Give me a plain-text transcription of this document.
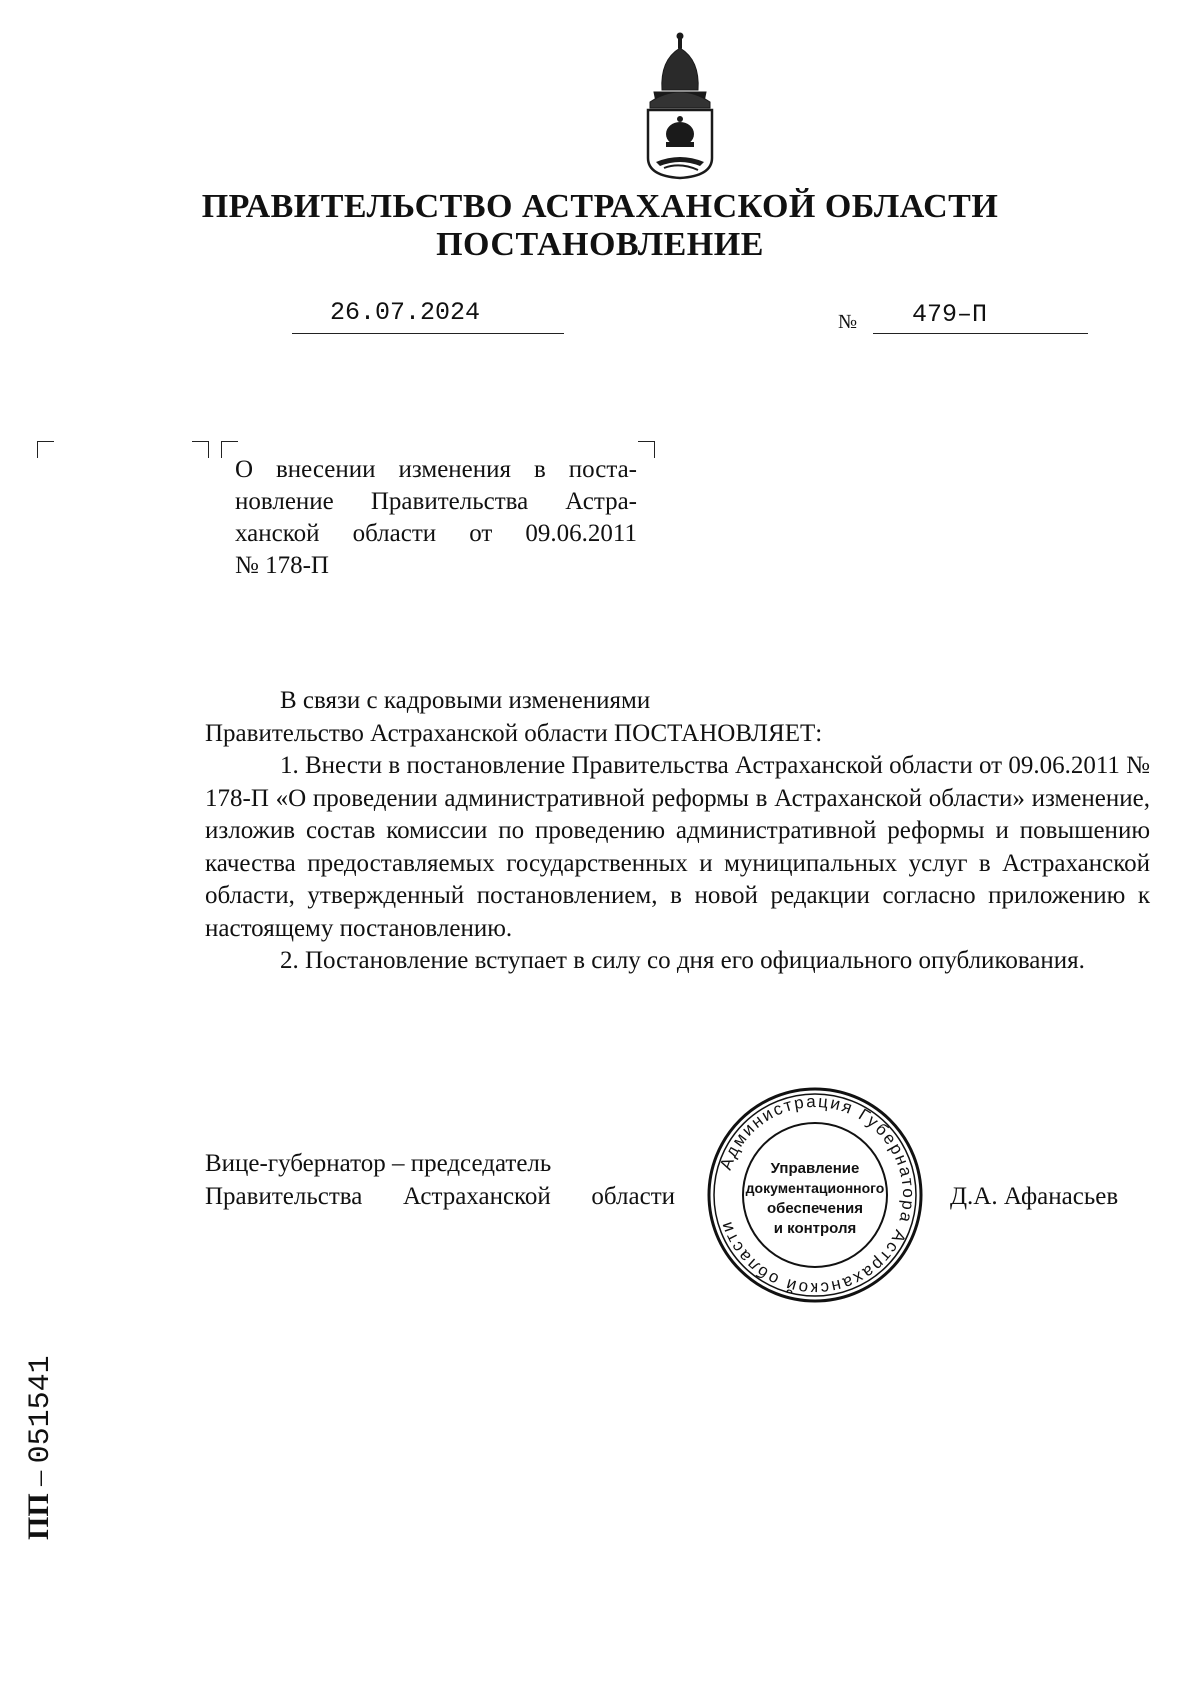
ПРАВИТЕЛЬСТВО АСТРАХАНСКОЙ ОБЛАСТИ
ПОСТАНОВЛЕНИЕ
26.07.2024	№ 479–П
О внесении изменения в поста-
новление Правительства Астра-
ханской области от 09.06.2011
№ 178-П

В связи с кадровыми изменениями

Правительство Астраханской области ПОСТАНОВЛЯЕТ:

1. Внести в постановление Правительства Астраханской области от 09.06.2011 № 178-П «О проведении административной реформы в Астраханской области» изменение, изложив состав комиссии по проведению административной реформы и повышению качества предоставляемых государственных и муниципальных услуг в Астраханской области, утвержденный постановлением, в новой редакции согласно приложению к настоящему постановлению.

2. Постановление вступает в силу со дня его официального опубликования.

Вице-губернатор – председатель
Правительства Астраханской области	Д.А. Афанасьев
Администрация Губернатора Астраханской области
Управление
документационного
обеспечения
и контроля
ПП – 051541
